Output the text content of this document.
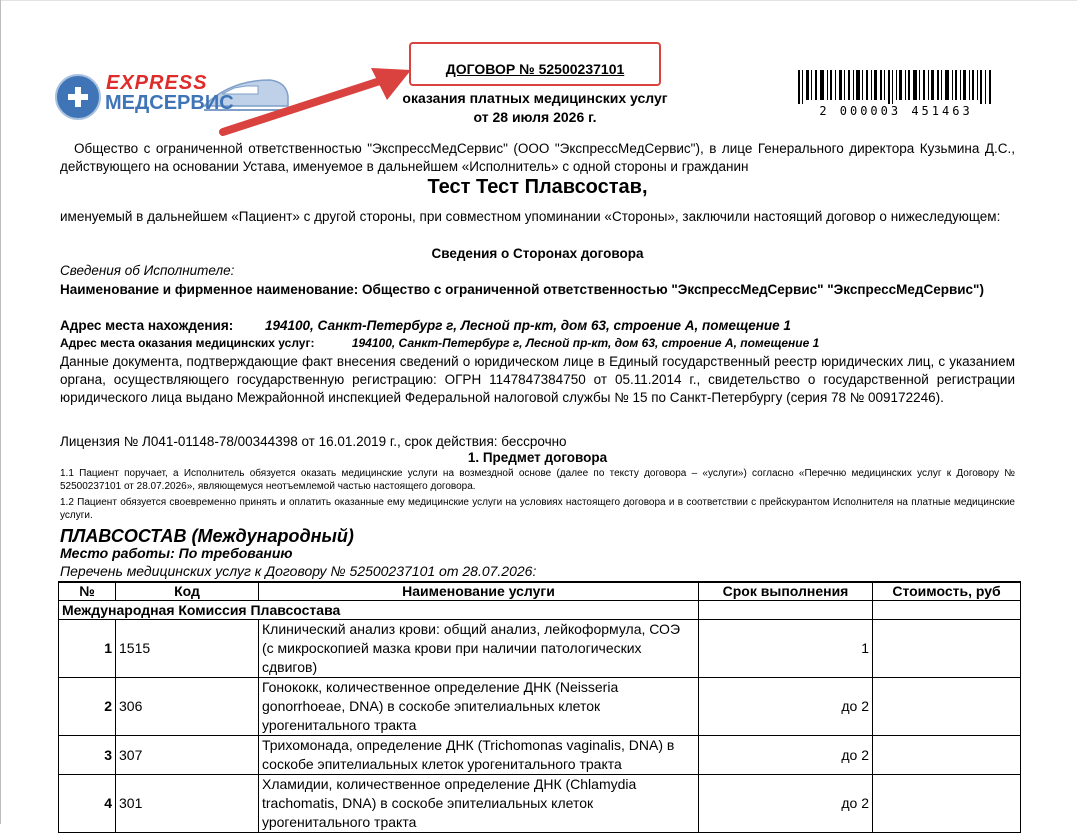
EXPRESS
МЕДСЕРВИС
ДОГОВОР № 52500237101
оказания платных медицинских услуг
от 28 июля 2026 г.	2 000003 451463
Общество с ограниченной ответственностью "ЭкспрессМедСервис" (ООО "ЭкспрессМедСервис"), в лице Генерального директора Кузьмина Д.С., действующего на основании Устава, именуемое в дальнейшем «Исполнитель» с одной стороны и гражданин
Тест Тест Плавсостав,
именуемый в дальнейшем «Пациент» с другой стороны, при совместном упоминании «Стороны», заключили настоящий договор о нижеследующем:
Сведения о Сторонах договора
Сведения об Исполнителе:
Наименование и фирменное наименование: Общество с ограниченной ответственностью "ЭкспрессМедСервис" "ЭкспрессМедСервис")
Адрес места нахождения: 194100, Санкт-Петербург г, Лесной пр-кт, дом 63, строение А, помещение 1
Адрес места оказания медицинских услуг:	194100, Санкт-Петербург г, Лесной пр-кт, дом 63, строение А, помещение 1
Данные документа, подтверждающие факт внесения сведений о юридическом лице в Единый государственный реестр юридических лиц, с указанием органа, осуществляющего государственную регистрацию: ОГРН 1147847384750 от 05.11.2014 г., свидетельство о государственной регистрации юридического лица выдано Межрайонной инспекцией Федеральной налоговой службы № 15 по Санкт-Петербургу (серия 78 № 009172246).
Лицензия № Л041-01148-78/00344398 от 16.01.2019 г., срок действия: бессрочно
1. Предмет договора
1.1 Пациент поручает, а Исполнитель обязуется оказать медицинские услуги на возмездной основе (далее по тексту договора – «услуги») согласно «Перечню медицинских услуг к Договору № 52500237101 от 28.07.2026», являющемуся неотъемлемой частью настоящего договора.
1.2 Пациент обязуется своевременно принять и оплатить оказанные ему медицинские услуги на условиях настоящего договора и в соответствии с прейскурантом Исполнителя на платные медицинские услуги.
ПЛАВСОСТАВ (Международный)
Место работы: По требованию
Перечень медицинских услуг к Договору № 52500237101 от 28.07.2026:
№	Код	Наименование услуги	Срок выполнения	Стоимость, руб
Международная Комиссия Плавсостава				
1	1515	Клинический анализ крови: общий анализ, лейкоформула, СОЭ (с микроскопией мазка крови при наличии патологических сдвигов)	1	
2	306	Гонококк, количественное определение ДНК (Neisseria gonorrhoeae, DNA) в соскобе эпителиальных клеток урогенитального тракта	до 2	
3	307	Трихомонада, определение ДНК (Trichomonas vaginalis, DNA) в соскобе эпителиальных клеток урогенитального тракта	до 2	
4	301	Хламидии, количественное определение ДНК (Chlamydia trachomatis, DNA) в соскобе эпителиальных клеток урогенитального тракта	до 2	
